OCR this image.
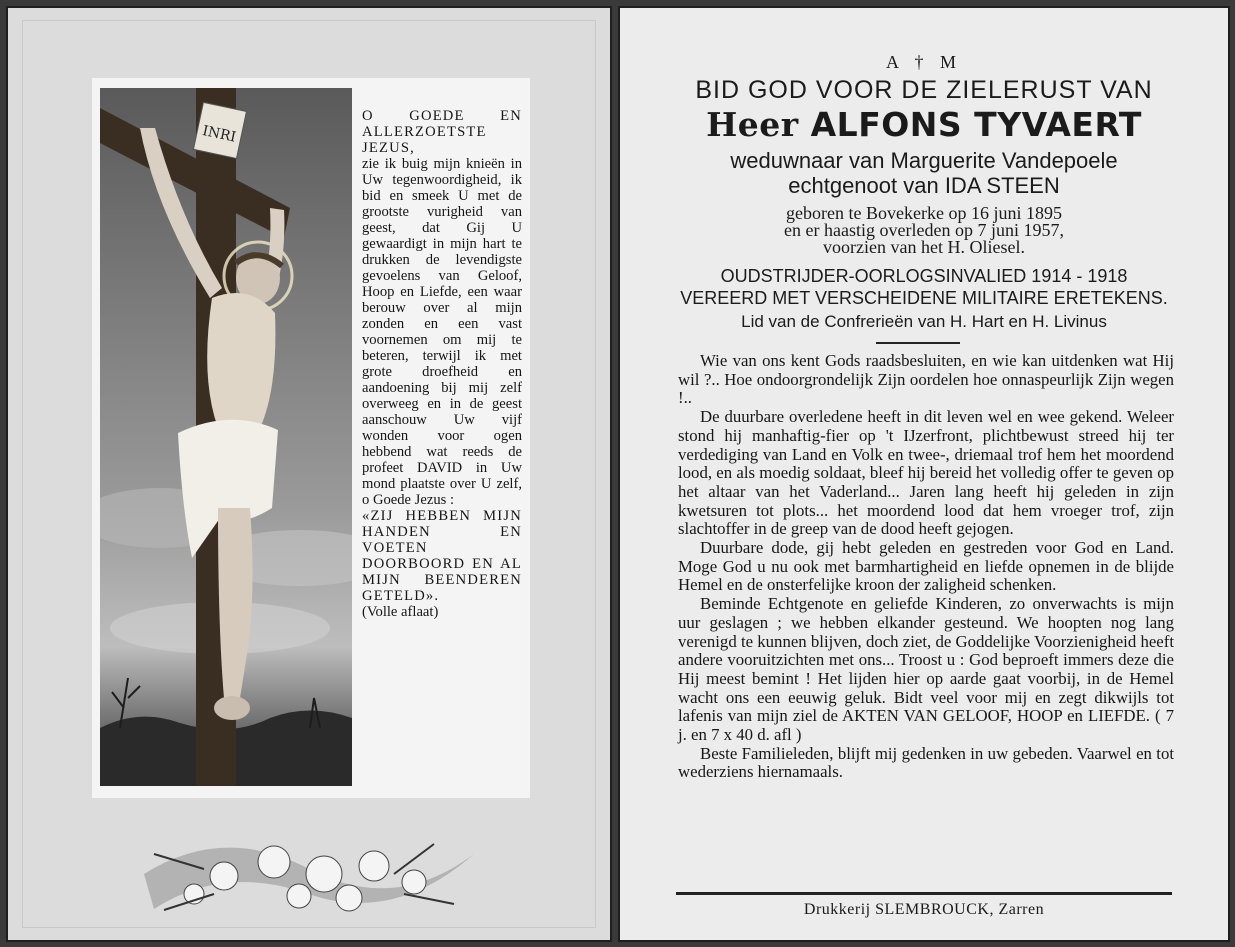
INRI

O GOEDE EN ALLERZOETSTE JEZUS,

zie ik buig mijn knieën in Uw tegenwoordigheid, ik bid en smeek U met de grootste vurigheid van geest, dat Gij U gewaardigt in mijn hart te drukken de levendigste gevoelens van Geloof, Hoop en Liefde, een waar berouw over al mijn zonden en een vast voornemen om mij te beteren, terwijl ik met grote droefheid en aandoening bij mij zelf overweeg en in de geest aanschouw Uw vijf wonden voor ogen hebbend wat reeds de profeet DAVID in Uw mond plaatste over U zelf, o Goede Jezus :

«ZIJ HEBBEN MIJN HANDEN EN VOETEN DOORBOORD EN AL MIJN BEENDEREN GETELD».

(Volle aflaat)

A † M
BID GOD VOOR DE ZIELERUST VAN
Heer ALFONS TYVAERT
weduwnaar van Marguerite Vandepoele
echtgenoot van IDA STEEN
geboren te Bovekerke op 16 juni 1895
en er haastig overleden op 7 juni 1957,
voorzien van het H. Oliesel.
OUDSTRIJDER-OORLOGSINVALIED 1914 - 1918
VEREERD MET VERSCHEIDENE MILITAIRE ERETEKENS.
Lid van de Confrerieën van H. Hart en H. Livinus

Wie van ons kent Gods raadsbesluiten, en wie kan uitdenken wat Hij wil ?.. Hoe ondoorgrondelijk Zijn oordelen hoe onnaspeurlijk Zijn wegen !..

De duurbare overledene heeft in dit leven wel en wee gekend. Weleer stond hij manhaftig-fier op 't IJzerfront, plichtbewust streed hij ter verdediging van Land en Volk en twee-, driemaal trof hem het moordend lood, en als moedig soldaat, bleef hij bereid het volledig offer te geven op het altaar van het Vaderland... Jaren lang heeft hij geleden in zijn kwetsuren tot plots... het moordend lood dat hem vroeger trof, zijn slachtoffer in de greep van de dood heeft gejogen.

Duurbare dode, gij hebt geleden en gestreden voor God en Land. Moge God u nu ook met barmhartigheid en liefde opnemen in de blijde Hemel en de onsterfelijke kroon der zaligheid schenken.

Beminde Echtgenote en geliefde Kinderen, zo onverwachts is mijn uur geslagen ; we hebben elkander gesteund. We hoopten nog lang verenigd te kunnen blijven, doch ziet, de Goddelijke Voorzienigheid heeft andere vooruitzichten met ons... Troost u : God beproeft immers deze die Hij meest bemint ! Het lijden hier op aarde gaat voorbij, in de Hemel wacht ons een eeuwig geluk. Bidt veel voor mij en zegt dikwijls tot lafenis van mijn ziel de AKTEN VAN GELOOF, HOOP en LIEFDE. ( 7 j. en 7 x 40 d. afl )

Beste Familieleden, blijft mij gedenken in uw gebeden. Vaarwel en tot wederziens hiernamaals.

Drukkerij SLEMBROUCK, Zarren
